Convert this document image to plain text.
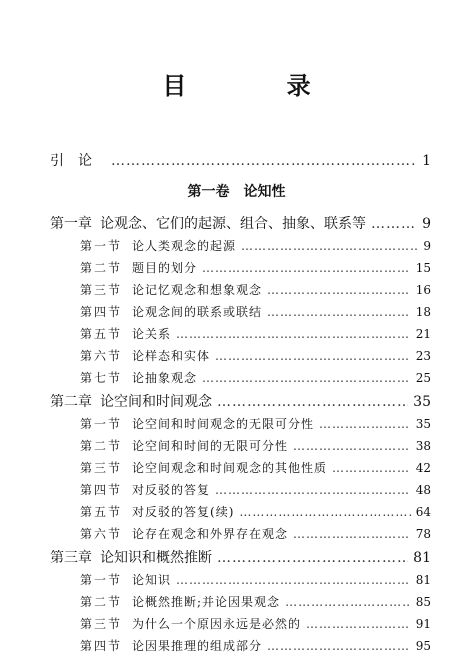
目 录
引论 ………………………………………………………………………………………………………………………………………………………………	1
第一卷　论知性
第一章 论观念、它们的起源、组合、抽象、联系等 ………………………………………………………………………………………………………………………………………………………………	9
第一节 论人类观念的起源 ………………………………………………………………………………………………………………………………………………………………	9
第二节 题目的划分 ………………………………………………………………………………………………………………………………………………………………	15
第三节 论记忆观念和想象观念 ………………………………………………………………………………………………………………………………………………………………	16
第四节 论观念间的联系或联结 ………………………………………………………………………………………………………………………………………………………………	18
第五节 论关系 ………………………………………………………………………………………………………………………………………………………………	21
第六节 论样态和实体 ………………………………………………………………………………………………………………………………………………………………	23
第七节 论抽象观念 ………………………………………………………………………………………………………………………………………………………………	25
第二章 论空间和时间观念 ………………………………………………………………………………………………………………………………………………………………	35
第一节 论空间和时间观念的无限可分性 ………………………………………………………………………………………………………………………………………………………………	35
第二节 论空间和时间的无限可分性 ………………………………………………………………………………………………………………………………………………………………	38
第三节 论空间观念和时间观念的其他性质 ………………………………………………………………………………………………………………………………………………………………	42
第四节 对反驳的答复 ………………………………………………………………………………………………………………………………………………………………	48
第五节 对反驳的答复(续) ………………………………………………………………………………………………………………………………………………………………	64
第六节 论存在观念和外界存在观念 ………………………………………………………………………………………………………………………………………………………………	78
第三章 论知识和概然推断 ………………………………………………………………………………………………………………………………………………………………	81
第一节 论知识 ………………………………………………………………………………………………………………………………………………………………	81
第二节 论概然推断;并论因果观念 ………………………………………………………………………………………………………………………………………………………………	85
第三节 为什么一个原因永远是必然的 ………………………………………………………………………………………………………………………………………………………………	91
第四节 论因果推理的组成部分 ………………………………………………………………………………………………………………………………………………………………	95
